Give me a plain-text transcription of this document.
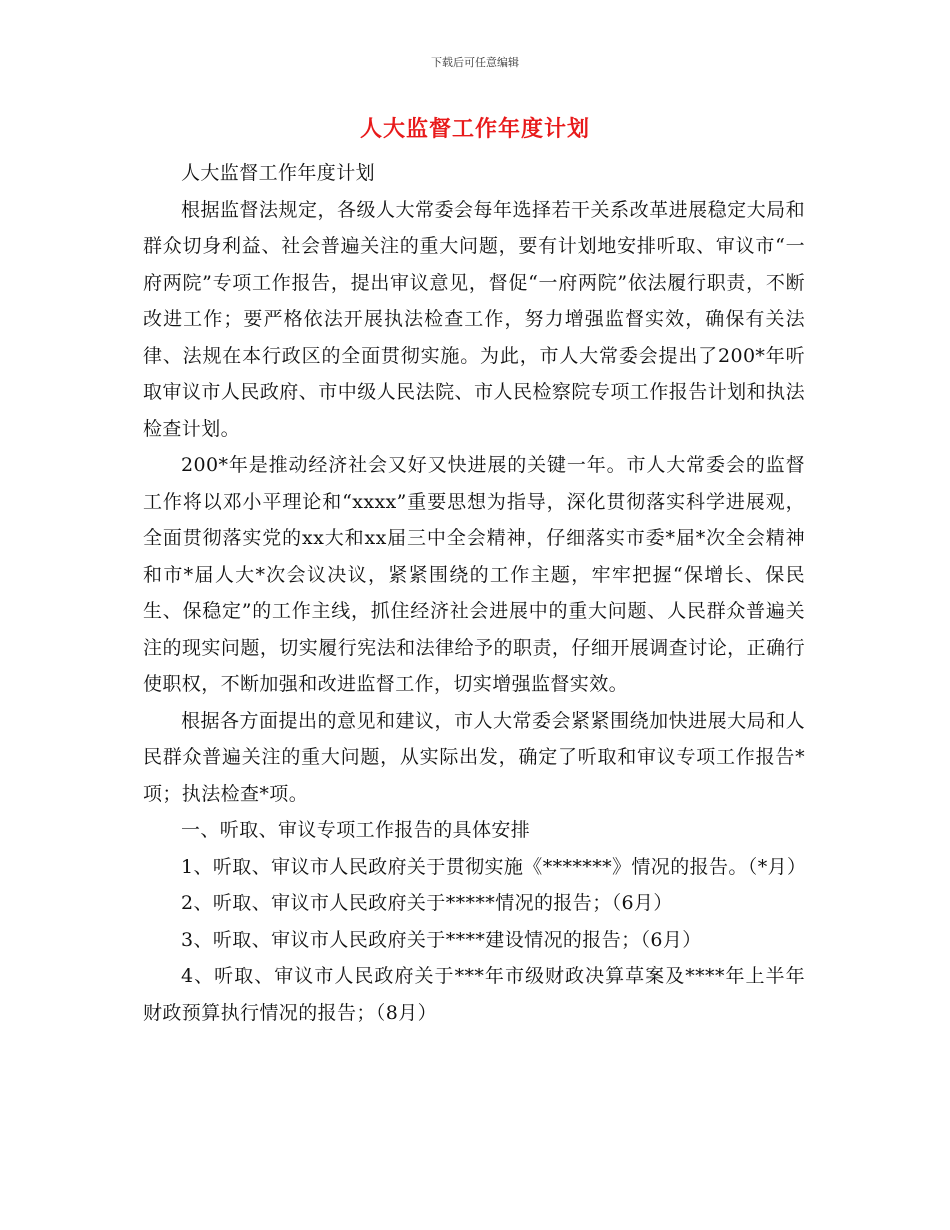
下载后可任意编辑
人大监督工作年度计划

人大监督工作年度计划

根据监督法规定，各级人大常委会每年选择若干关系改革进展稳定大局和群众切身利益、社会普遍关注的重大问题，要有计划地安排听取、审议市“一府两院”专项工作报告，提出审议意见，督促“一府两院”依法履行职责，不断改进工作；要严格依法开展执法检查工作，努力增强监督实效，确保有关法律、法规在本行政区的全面贯彻实施。为此，市人大常委会提出了200*年听取审议市人民政府、市中级人民法院、市人民检察院专项工作报告计划和执法检查计划。

200*年是推动经济社会又好又快进展的关键一年。市人大常委会的监督工作将以邓小平理论和“xxxx”重要思想为指导，深化贯彻落实科学进展观，全面贯彻落实党的xx大和xx届三中全会精神，仔细落实市委*届*次全会精神和市*届人大*次会议决议，紧紧围绕的工作主题，牢牢把握“保增长、保民生、保稳定”的工作主线，抓住经济社会进展中的重大问题、人民群众普遍关注的现实问题，切实履行宪法和法律给予的职责，仔细开展调查讨论，正确行使职权，不断加强和改进监督工作，切实增强监督实效。

根据各方面提出的意见和建议，市人大常委会紧紧围绕加快进展大局和人民群众普遍关注的重大问题，从实际出发，确定了听取和审议专项工作报告*项；执法检查*项。

一、听取、审议专项工作报告的具体安排

1、听取、审议市人民政府关于贯彻实施《*******》情况的报告。（*月）

2、听取、审议市人民政府关于*****情况的报告；（6月）

3、听取、审议市人民政府关于****建设情况的报告；（6月）

4、听取、审议市人民政府关于***年市级财政决算草案及****年上半年财政预算执行情况的报告；（8月）
